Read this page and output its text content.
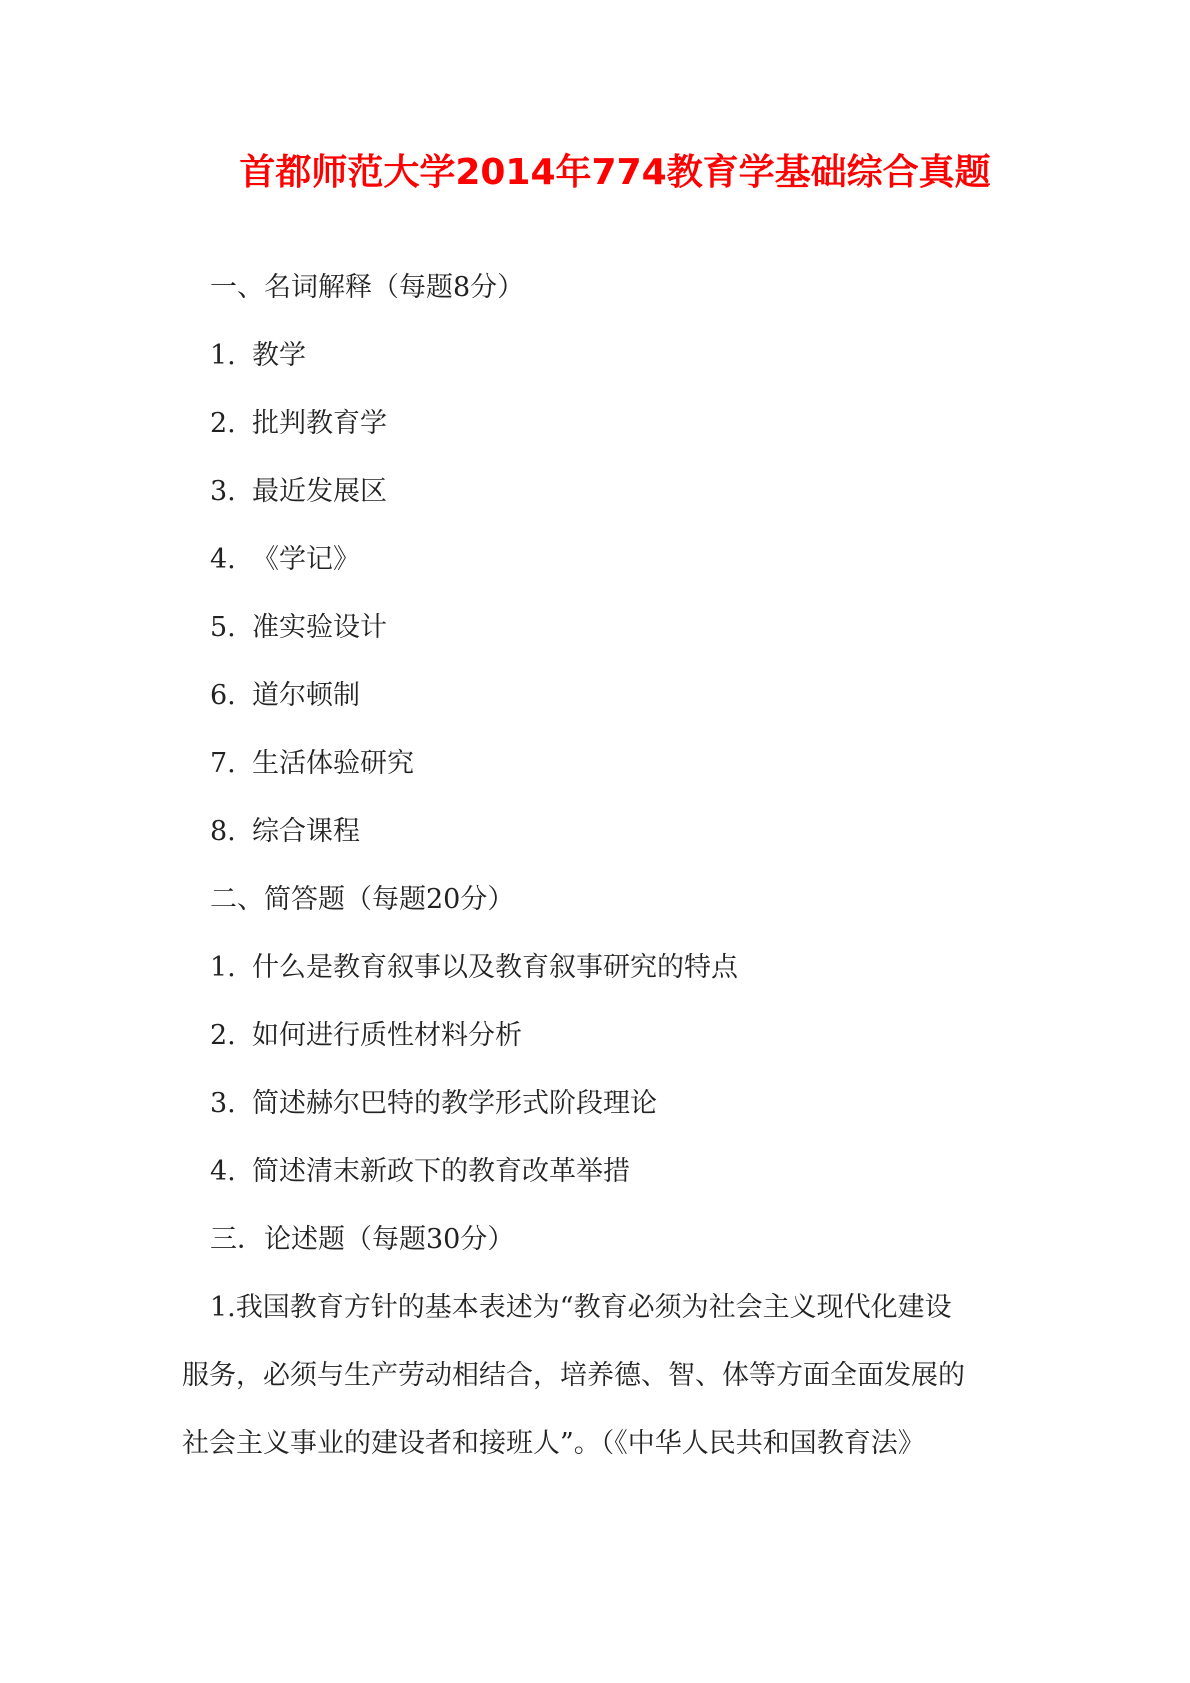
首都师范大学2014年774教育学基础综合真题
一、名词解释（每题8分）
1. 教学
2. 批判教育学
3. 最近发展区
4. 《学记》
5. 准实验设计
6. 道尔顿制
7. 生活体验研究
8. 综合课程
二、简答题（每题20分）
1. 什么是教育叙事以及教育叙事研究的特点
2. 如何进行质性材料分析
3. 简述赫尔巴特的教学形式阶段理论
4. 简述清末新政下的教育改革举措
三．论述题（每题30分）
1.我国教育方针的基本表述为“教育必须为社会主义现代化建设
服务，必须与生产劳动相结合，培养德、智、体等方面全面发展的
社会主义事业的建设者和接班人”。（《中华人民共和国教育法》
